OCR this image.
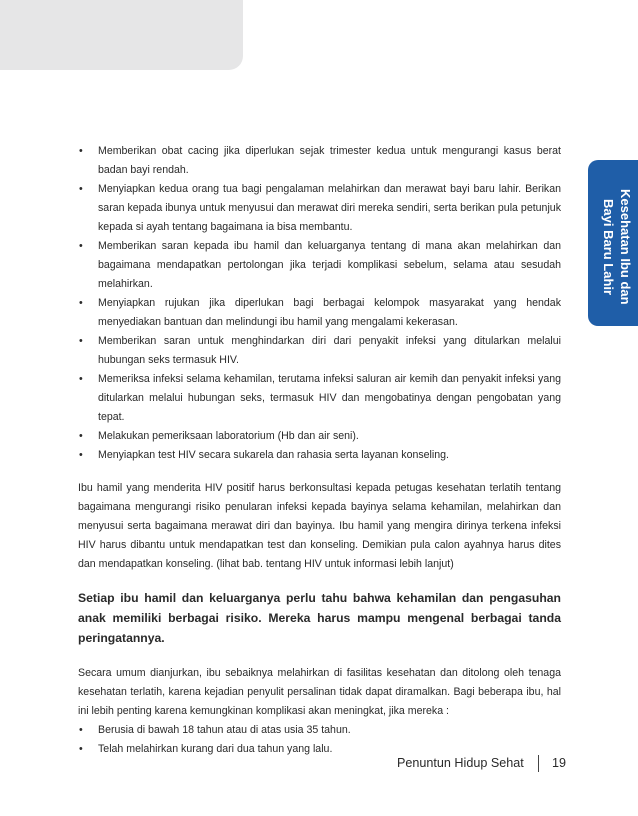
Kesehatan Ibu dan
Bayi Baru Lahir
• Memberikan obat cacing jika diperlukan sejak trimester kedua untuk mengurangi kasus berat badan bayi rendah.
• Menyiapkan kedua orang tua bagi pengalaman melahirkan dan merawat bayi baru lahir. Berikan saran kepada ibunya untuk menyusui dan merawat diri mereka sendiri, serta berikan pula petunjuk kepada si ayah tentang bagaimana ia bisa membantu.
• Memberikan saran kepada ibu hamil dan keluarganya tentang di mana akan melahirkan dan bagaimana mendapatkan pertolongan jika terjadi komplikasi sebelum, selama atau sesudah melahirkan.
• Menyiapkan rujukan jika diperlukan bagi berbagai kelompok masyarakat yang hendak menyediakan bantuan dan melindungi ibu hamil yang mengalami kekerasan.
• Memberikan saran untuk menghindarkan diri dari penyakit infeksi yang ditularkan melalui hubungan seks termasuk HIV.
• Memeriksa infeksi selama kehamilan, terutama infeksi saluran air kemih dan penyakit infeksi yang ditularkan melalui hubungan seks, termasuk HIV dan mengobatinya dengan pengobatan yang tepat.
• Melakukan pemeriksaan laboratorium (Hb dan air seni).
• Menyiapkan test HIV secara sukarela dan rahasia serta layanan konseling.

Ibu hamil yang menderita HIV positif harus berkonsultasi kepada petugas kesehatan terlatih tentang bagaimana mengurangi risiko penularan infeksi kepada bayinya selama kehamilan, melahirkan dan menyusui serta bagaimana merawat diri dan bayinya. Ibu hamil yang mengira dirinya terkena infeksi HIV harus dibantu untuk mendapatkan test dan konseling. Demikian pula calon ayahnya harus dites dan mendapatkan konseling. (lihat bab. tentang HIV untuk informasi lebih lanjut)

Setiap ibu hamil dan keluarganya perlu tahu bahwa kehamilan dan pengasuhan anak memiliki berbagai risiko. Mereka harus mampu mengenal berbagai tanda peringatannya.

Secara umum dianjurkan, ibu sebaiknya melahirkan di fasilitas kesehatan dan ditolong oleh tenaga kesehatan terlatih, karena kejadian penyulit persalinan tidak dapat diramalkan. Bagi beberapa ibu, hal ini lebih penting karena kemungkinan komplikasi akan meningkat, jika mereka :

• Berusia di bawah 18 tahun atau di atas usia 35 tahun.
• Telah melahirkan kurang dari dua tahun yang lalu.
Penuntun Hidup Sehat 19
